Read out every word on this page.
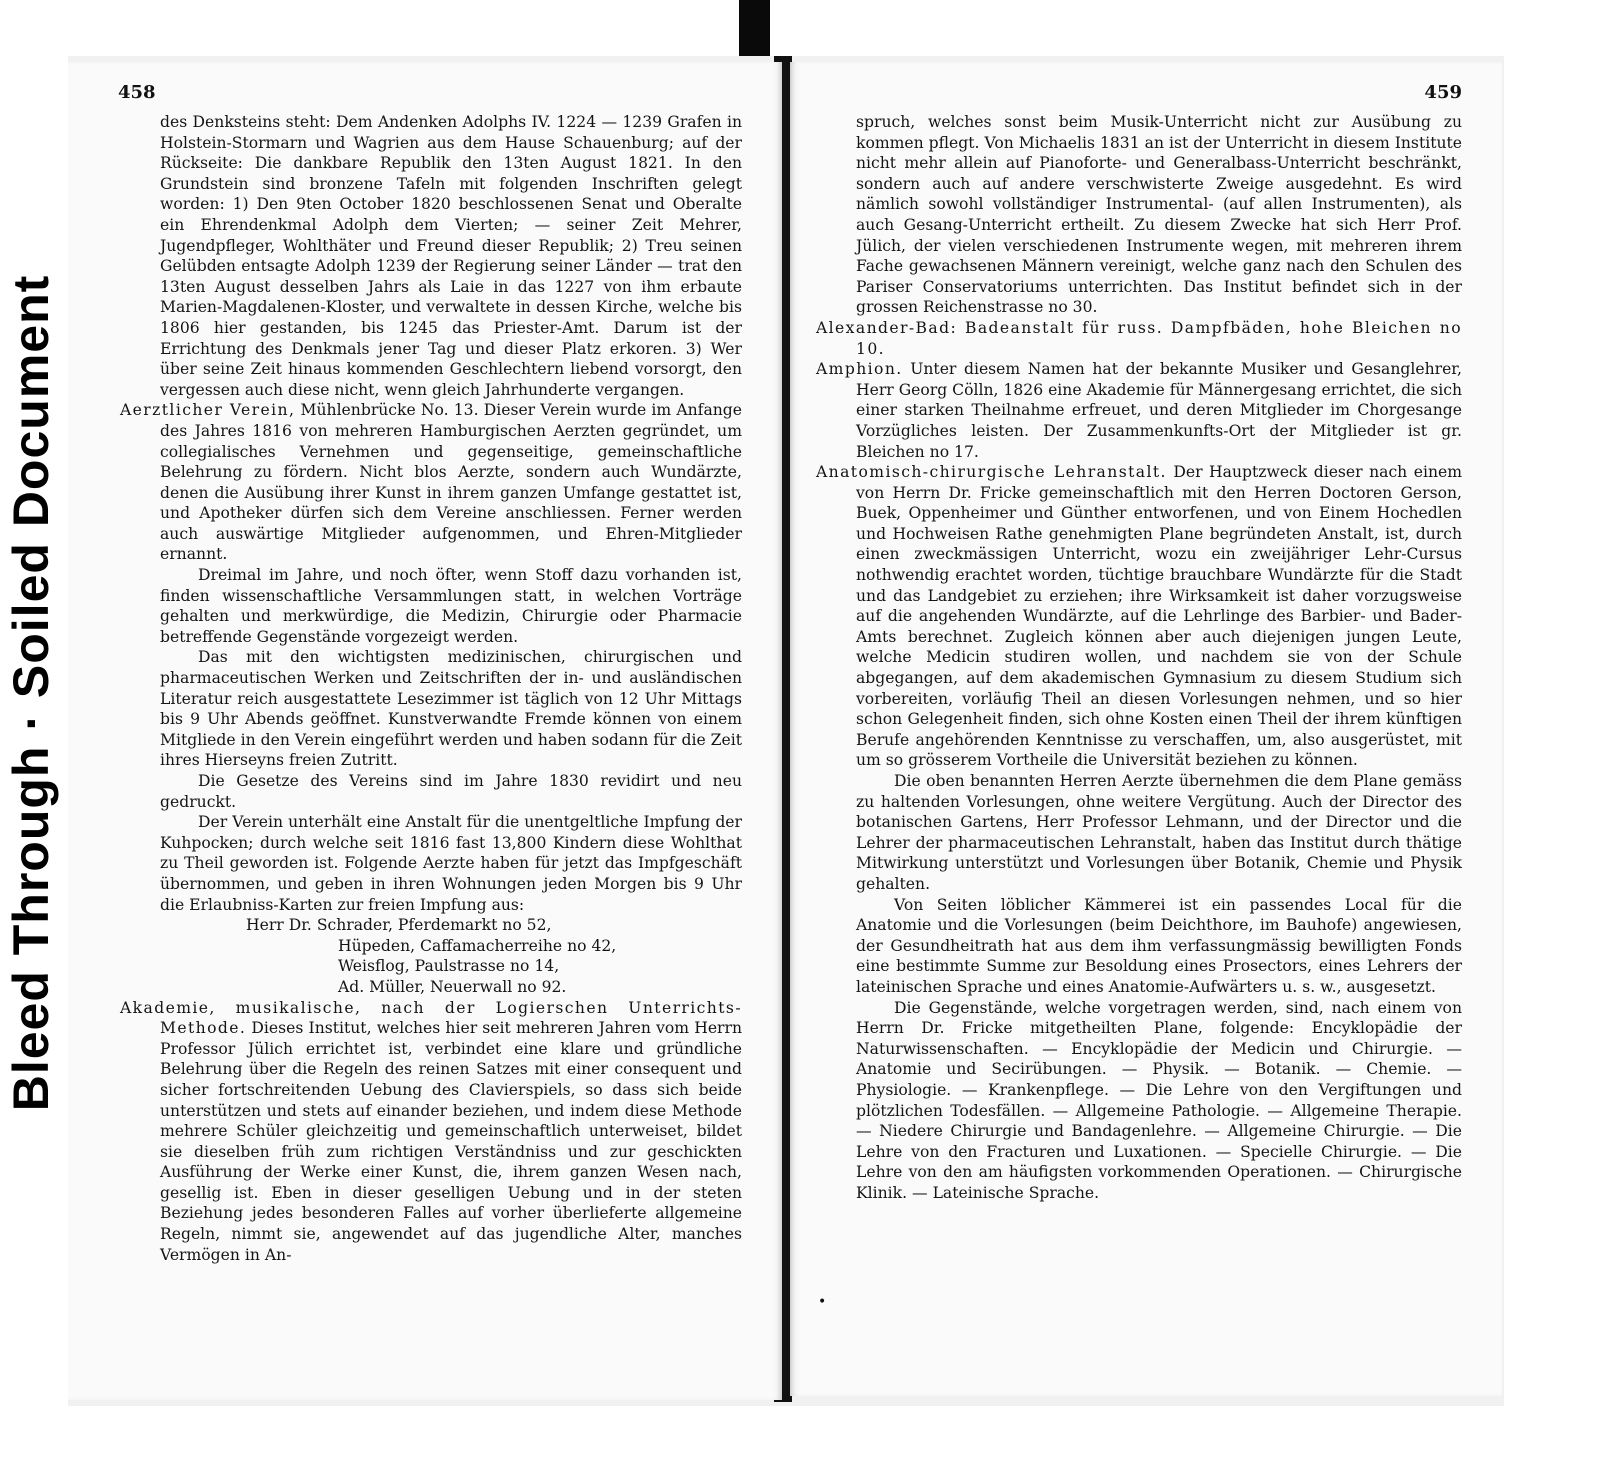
Bleed Through · Soiled Document
458

des Denksteins steht: Dem Andenken Adolphs IV. 1224 — 1239 Grafen in Holstein-Stormarn und Wagrien aus dem Hause Schauenburg; auf der Rückseite: Die dankbare Republik den 13ten August 1821. In den Grundstein sind bronzene Tafeln mit folgenden Inschriften gelegt worden: 1) Den 9ten October 1820 beschlossenen Senat und Oberalte ein Ehrendenkmal Adolph dem Vierten; — seiner Zeit Mehrer, Jugendpfleger, Wohlthäter und Freund dieser Republik; 2) Treu seinen Gelübden entsagte Adolph 1239 der Regierung seiner Länder — trat den 13ten August desselben Jahrs als Laie in das 1227 von ihm erbaute Marien-Magdalenen-Kloster, und verwaltete in dessen Kirche, welche bis 1806 hier gestanden, bis 1245 das Priester-Amt. Darum ist der Errichtung des Denkmals jener Tag und dieser Platz erkoren. 3) Wer über seine Zeit hinaus kommenden Geschlechtern liebend vorsorgt, den vergessen auch diese nicht, wenn gleich Jahrhunderte vergangen.

Aerztlicher Verein, Mühlenbrücke No. 13. Dieser Verein wurde im Anfange des Jahres 1816 von mehreren Hamburgischen Aerzten gegründet, um collegialisches Vernehmen und gegenseitige, gemeinschaftliche Belehrung zu fördern. Nicht blos Aerzte, sondern auch Wundärzte, denen die Ausübung ihrer Kunst in ihrem ganzen Umfange gestattet ist, und Apotheker dürfen sich dem Vereine anschliessen. Ferner werden auch auswärtige Mitglieder aufgenommen, und Ehren-Mitglieder ernannt.

Dreimal im Jahre, und noch öfter, wenn Stoff dazu vorhanden ist, finden wissenschaftliche Versammlungen statt, in welchen Vorträge gehalten und merkwürdige, die Medizin, Chirurgie oder Pharmacie betreffende Gegenstände vorgezeigt werden.

Das mit den wichtigsten medizinischen, chirurgischen und pharmaceutischen Werken und Zeitschriften der in- und ausländischen Literatur reich ausgestattete Lesezimmer ist täglich von 12 Uhr Mittags bis 9 Uhr Abends geöffnet. Kunstverwandte Fremde können von einem Mitgliede in den Verein eingeführt werden und haben sodann für die Zeit ihres Hierseyns freien Zutritt.

Die Gesetze des Vereins sind im Jahre 1830 revidirt und neu gedruckt.

Der Verein unterhält eine Anstalt für die unentgeltliche Impfung der Kuhpocken; durch welche seit 1816 fast 13,800 Kindern diese Wohlthat zu Theil geworden ist. Folgende Aerzte haben für jetzt das Impfgeschäft übernommen, und geben in ihren Wohnungen jeden Morgen bis 9 Uhr die Erlaubniss-Karten zur freien Impfung aus:

Herr Dr. Schrader, Pferdemarkt no 52,
Hüpeden, Caffamacherreihe no 42,
Weisflog, Paulstrasse no 14,
Ad. Müller, Neuerwall no 92.

Akademie, musikalische, nach der Logierschen Unterrichts-Methode. Dieses Institut, welches hier seit mehreren Jahren vom Herrn Professor Jülich errichtet ist, verbindet eine klare und gründliche Belehrung über die Regeln des reinen Satzes mit einer consequent und sicher fortschreitenden Uebung des Clavierspiels, so dass sich beide unterstützen und stets auf einander beziehen, und indem diese Methode mehrere Schüler gleichzeitig und gemeinschaftlich unterweiset, bildet sie dieselben früh zum richtigen Verständniss und zur geschickten Ausführung der Werke einer Kunst, die, ihrem ganzen Wesen nach, gesellig ist. Eben in dieser geselligen Uebung und in der steten Beziehung jedes besonderen Falles auf vorher überlieferte allgemeine Regeln, nimmt sie, angewendet auf das jugendliche Alter, manches Vermögen in An-

459

spruch, welches sonst beim Musik-Unterricht nicht zur Ausübung zu kommen pflegt. Von Michaelis 1831 an ist der Unterricht in diesem Institute nicht mehr allein auf Pianoforte- und Generalbass-Unterricht beschränkt, sondern auch auf andere verschwisterte Zweige ausgedehnt. Es wird nämlich sowohl vollständiger Instrumental- (auf allen Instrumenten), als auch Gesang-Unterricht ertheilt. Zu diesem Zwecke hat sich Herr Prof. Jülich, der vielen verschiedenen Instrumente wegen, mit mehreren ihrem Fache gewachsenen Männern vereinigt, welche ganz nach den Schulen des Pariser Conservatoriums unterrichten. Das Institut befindet sich in der grossen Reichenstrasse no 30.

Alexander-Bad: Badeanstalt für russ. Dampfbäden, hohe Bleichen no 10.

Amphion. Unter diesem Namen hat der bekannte Musiker und Gesanglehrer, Herr Georg Cölln, 1826 eine Akademie für Männergesang errichtet, die sich einer starken Theilnahme erfreuet, und deren Mitglieder im Chorgesange Vorzügliches leisten. Der Zusammenkunfts-Ort der Mitglieder ist gr. Bleichen no 17.

Anatomisch-chirurgische Lehranstalt. Der Hauptzweck dieser nach einem von Herrn Dr. Fricke gemeinschaftlich mit den Herren Doctoren Gerson, Buek, Oppenheimer und Günther entworfenen, und von Einem Hochedlen und Hochweisen Rathe genehmigten Plane begründeten Anstalt, ist, durch einen zweckmässigen Unterricht, wozu ein zweijähriger Lehr-Cursus nothwendig erachtet worden, tüchtige brauchbare Wundärzte für die Stadt und das Landgebiet zu erziehen; ihre Wirksamkeit ist daher vorzugsweise auf die angehenden Wundärzte, auf die Lehrlinge des Barbier- und Bader-Amts berechnet. Zugleich können aber auch diejenigen jungen Leute, welche Medicin studiren wollen, und nachdem sie von der Schule abgegangen, auf dem akademischen Gymnasium zu diesem Studium sich vorbereiten, vorläufig Theil an diesen Vorlesungen nehmen, und so hier schon Gelegenheit finden, sich ohne Kosten einen Theil der ihrem künftigen Berufe angehörenden Kenntnisse zu verschaffen, um, also ausgerüstet, mit um so grösserem Vortheile die Universität beziehen zu können.

Die oben benannten Herren Aerzte übernehmen die dem Plane gemäss zu haltenden Vorlesungen, ohne weitere Vergütung. Auch der Director des botanischen Gartens, Herr Professor Lehmann, und der Director und die Lehrer der pharmaceutischen Lehranstalt, haben das Institut durch thätige Mitwirkung unterstützt und Vorlesungen über Botanik, Chemie und Physik gehalten.

Von Seiten löblicher Kämmerei ist ein passendes Local für die Anatomie und die Vorlesungen (beim Deichthore, im Bauhofe) angewiesen, der Gesundheitrath hat aus dem ihm verfassungmässig bewilligten Fonds eine bestimmte Summe zur Besoldung eines Prosectors, eines Lehrers der lateinischen Sprache und eines Anatomie-Aufwärters u. s. w., ausgesetzt.

Die Gegenstände, welche vorgetragen werden, sind, nach einem von Herrn Dr. Fricke mitgetheilten Plane, folgende: Encyklopädie der Naturwissenschaften. — Encyklopädie der Medicin und Chirurgie. — Anatomie und Secirübungen. — Physik. — Botanik. — Chemie. — Physiologie. — Krankenpflege. — Die Lehre von den Vergiftungen und plötzlichen Todesfällen. — Allgemeine Pathologie. — Allgemeine Therapie. — Niedere Chirurgie und Bandagenlehre. — Allgemeine Chirurgie. — Die Lehre von den Fracturen und Luxationen. — Specielle Chirurgie. — Die Lehre von den am häufigsten vorkommenden Operationen. — Chirurgische Klinik. — Lateinische Sprache.

•
